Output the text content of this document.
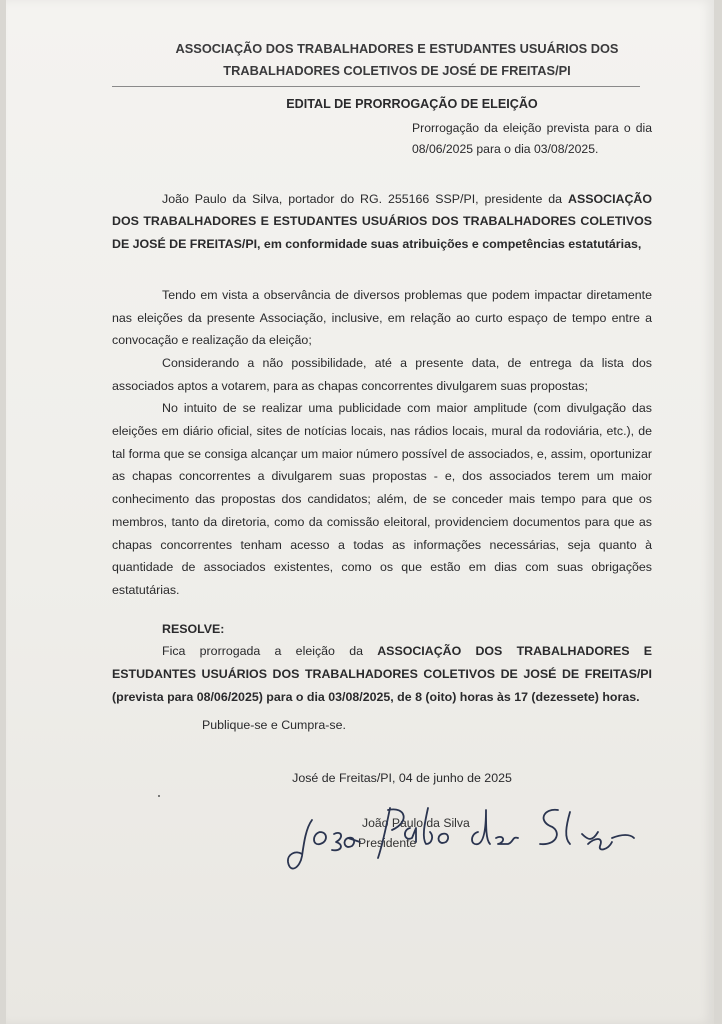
ASSOCIAÇÃO DOS TRABALHADORES E ESTUDANTES USUÁRIOS DOS
TRABALHADORES COLETIVOS DE JOSÉ DE FREITAS/PI
EDITAL DE PRORROGAÇÃO DE ELEIÇÃO
Prorrogação da eleição prevista para o dia 08/06/2025 para o dia 03/08/2025.

João Paulo da Silva, portador do RG. 255166 SSP/PI, presidente da ASSOCIAÇÃO DOS TRABALHADORES E ESTUDANTES USUÁRIOS DOS TRABALHADORES COLETIVOS DE JOSÉ DE FREITAS/PI, em conformidade suas atribuições e competências estatutárias,

Tendo em vista a observância de diversos problemas que podem impactar diretamente nas eleições da presente Associação, inclusive, em relação ao curto espaço de tempo entre a convocação e realização da eleição;

Considerando a não possibilidade, até a presente data, de entrega da lista dos associados aptos a votarem, para as chapas concorrentes divulgarem suas propostas;

No intuito de se realizar uma publicidade com maior amplitude (com divulgação das eleições em diário oficial, sites de notícias locais, nas rádios locais, mural da rodoviária, etc.), de tal forma que se consiga alcançar um maior número possível de associados, e, assim, oportunizar as chapas concorrentes a divulgarem suas propostas - e, dos associados terem um maior conhecimento das propostas dos candidatos; além, de se conceder mais tempo para que os membros, tanto da diretoria, como da comissão eleitoral, providenciem documentos para que as chapas concorrentes tenham acesso a todas as informações necessárias, seja quanto à quantidade de associados existentes, como os que estão em dias com suas obrigações estatutárias.

RESOLVE:

Fica prorrogada a eleição da ASSOCIAÇÃO DOS TRABALHADORES E ESTUDANTES USUÁRIOS DOS TRABALHADORES COLETIVOS DE JOSÉ DE FREITAS/PI (prevista para 08/06/2025) para o dia 03/08/2025, de 8 (oito) horas às 17 (dezessete) horas.

Publique-se e Cumpra-se.
José de Freitas/PI, 04 de junho de 2025
João Paulo da Silva
Presidente
